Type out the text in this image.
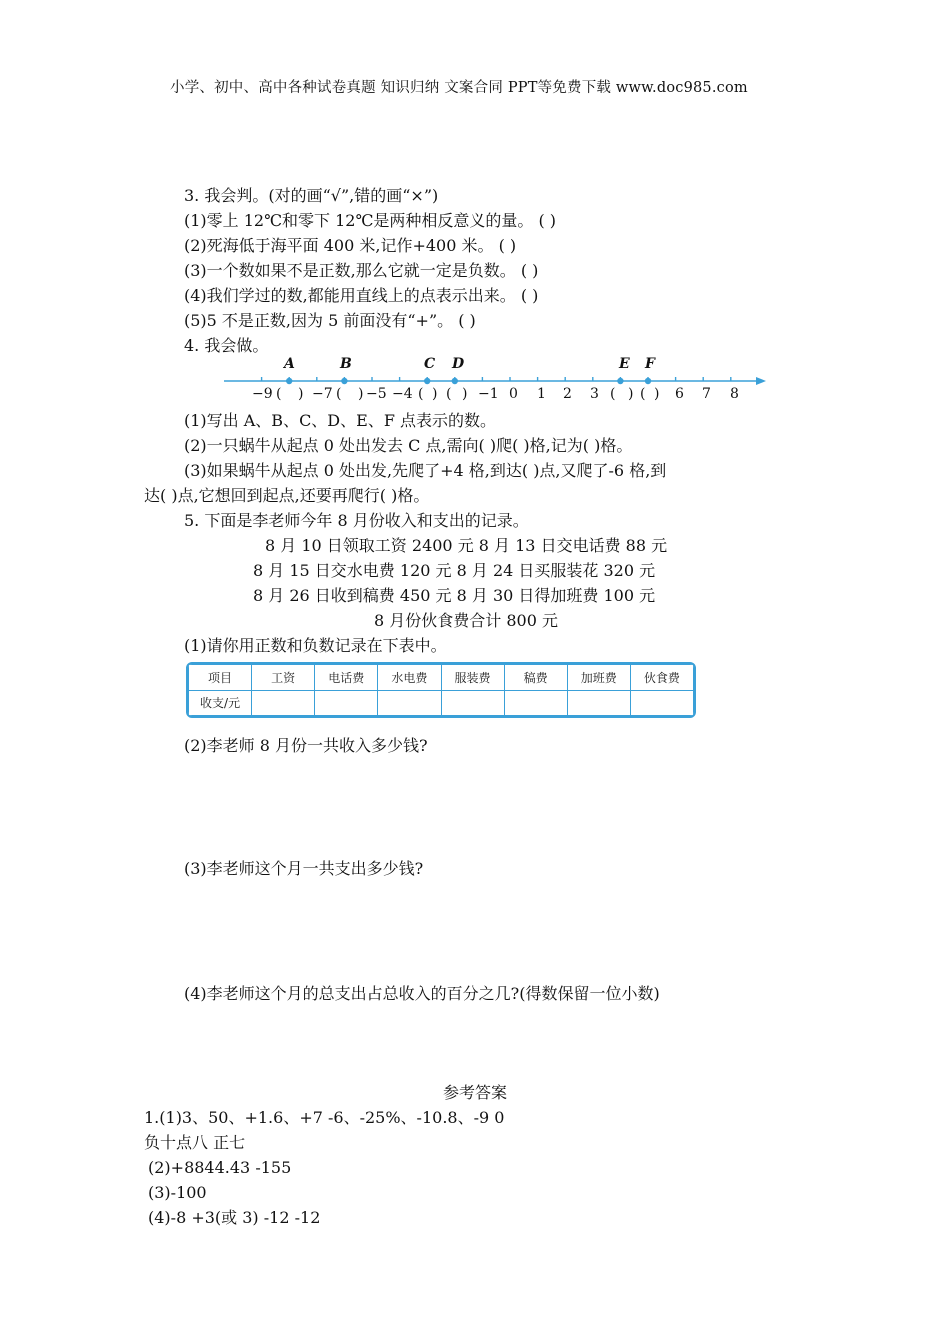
小学、初中、高中各种试卷真题 知识归纳 文案合同 PPT等免费下载 www.doc985.com
3. 我会判。(对的画“√”,错的画“×”)
(1)零上 12℃和零下 12℃是两种相反意义的量。 ( )
(2)死海低于海平面 400 米,记作+400 米。 ( )
(3)一个数如果不是正数,那么它就一定是负数。 ( )
(4)我们学过的数,都能用直线上的点表示出来。 ( )
(5)5 不是正数,因为 5 前面没有“+”。 ( )
4. 我会做。
A	B	C D	E F
−9 ( ) −7 ( ) −5 −4 ( ) ( ) −1 0 1 2 3 ( ) ( ) 6 7 8
(1)写出 A、B、C、D、E、F 点表示的数。
(2)一只蜗牛从起点 0 处出发去 C 点,需向( )爬( )格,记为( )格。
(3)如果蜗牛从起点 0 处出发,先爬了+4 格,到达( )点,又爬了-6 格,到
达( )点,它想回到起点,还要再爬行( )格。
5. 下面是李老师今年 8 月份收入和支出的记录。
8 月 10 日领取工资 2400 元 8 月 13 日交电话费 88 元
8 月 15 日交水电费 120 元 8 月 24 日买服装花 320 元
8 月 26 日收到稿费 450 元 8 月 30 日得加班费 100 元
8 月份伙食费合计 800 元
(1)请你用正数和负数记录在下表中。
项目	工资	电话费	水电费	服装费	稿费	加班费	伙食费
收支/元							
(2)李老师 8 月份一共收入多少钱?
(3)李老师这个月一共支出多少钱?
(4)李老师这个月的总支出占总收入的百分之几?(得数保留一位小数)
参考答案
1.(1)3、50、+1.6、+7 -6、-25%、-10.8、-9 0
负十点八 正七
(2)+8844.43 -155
(3)-100
(4)-8 +3(或 3) -12 -12
